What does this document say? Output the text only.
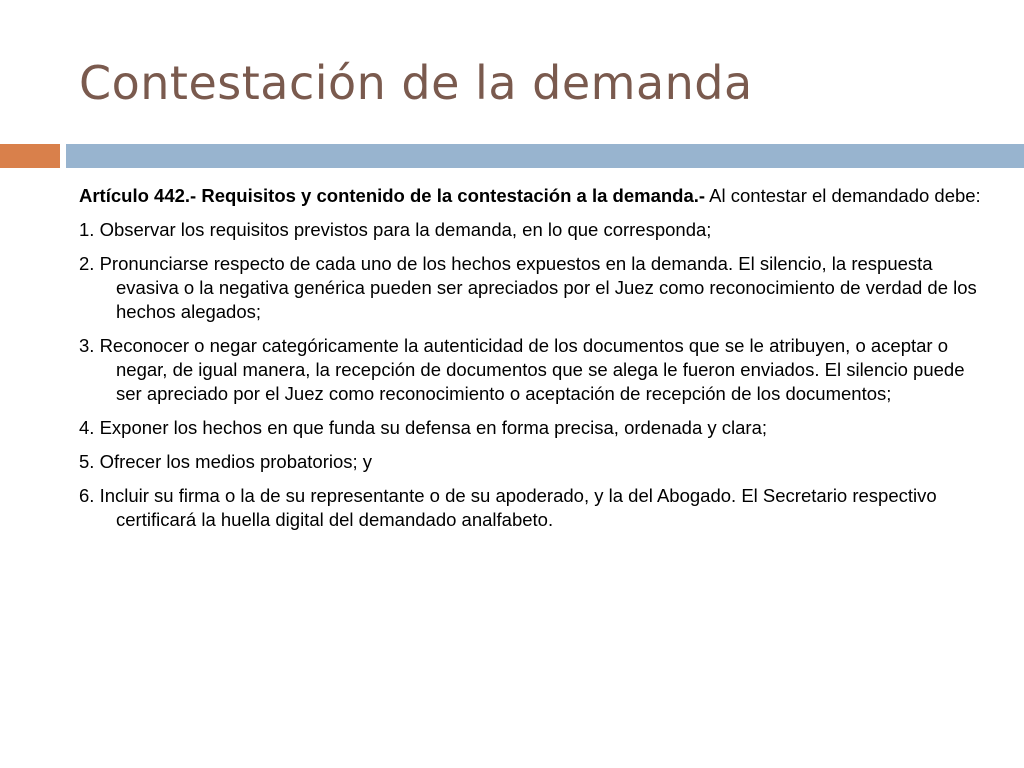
Contestación de la demanda

Artículo 442.- Requisitos y contenido de la contestación a la demanda.- Al contestar el demandado debe:

1. Observar los requisitos previstos para la demanda, en lo que corresponda;

2. Pronunciarse respecto de cada uno de los hechos expuestos en la demanda. El silencio, la respuesta evasiva o la negativa genérica pueden ser apreciados por el Juez como reconocimiento de verdad de los hechos alegados;

3. Reconocer o negar categóricamente la autenticidad de los documentos que se le atribuyen, o aceptar o negar, de igual manera, la recepción de documentos que se alega le fueron enviados. El silencio puede ser apreciado por el Juez como reconocimiento o aceptación de recepción de los documentos;

4. Exponer los hechos en que funda su defensa en forma precisa, ordenada y clara;

5. Ofrecer los medios probatorios; y

6. Incluir su firma o la de su representante o de su apoderado, y la del Abogado. El Secretario respectivo certificará la huella digital del demandado analfabeto.
